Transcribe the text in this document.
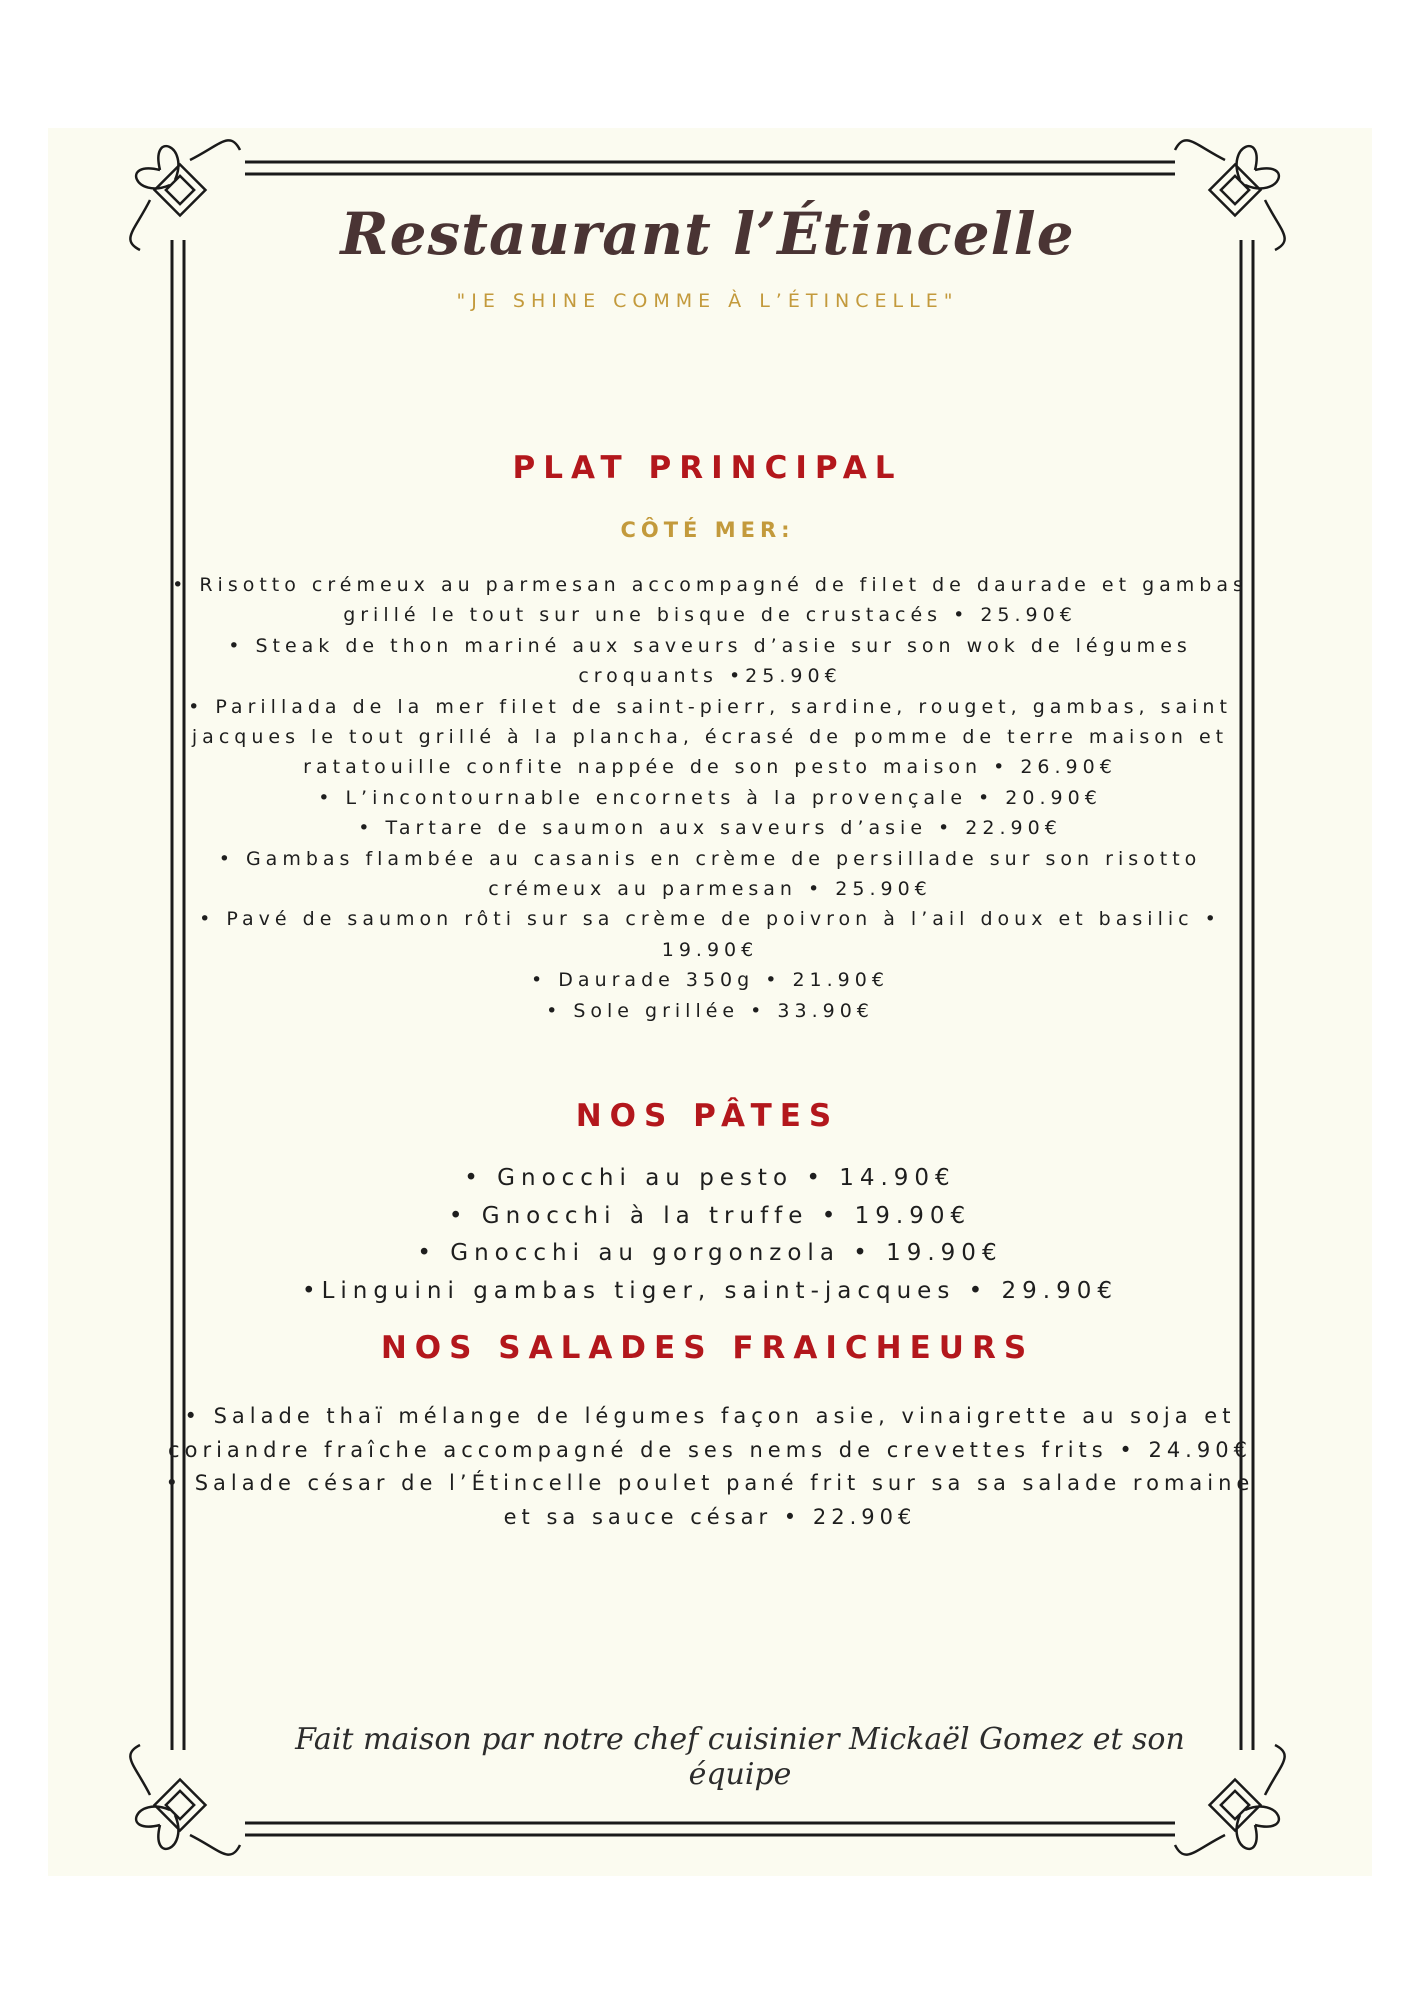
Restaurant l’Étincelle

"JE SHINE COMME À L’ÉTINCELLE"

PLAT PRINCIPAL
CÔTÉ MER:
• Risotto crémeux au parmesan accompagné de filet de daurade et gambas grillé le tout sur une bisque de crustacés • 25.90€
• Steak de thon mariné aux saveurs d’asie sur son wok de légumes croquants •25.90€
• Parillada de la mer filet de saint-pierr, sardine, rouget, gambas, saint jacques le tout grillé à la plancha, écrasé de pomme de terre maison et ratatouille confite nappée de son pesto maison • 26.90€
• L’incontournable encornets à la provençale • 20.90€
• Tartare de saumon aux saveurs d’asie • 22.90€
• Gambas flambée au casanis en crème de persillade sur son risotto crémeux au parmesan • 25.90€
• Pavé de saumon rôti sur sa crème de poivron à l’ail doux et basilic • 19.90€
• Daurade 350g • 21.90€
• Sole grillée • 33.90€
NOS PÂTES
• Gnocchi au pesto • 14.90€
• Gnocchi à la truffe • 19.90€
• Gnocchi au gorgonzola • 19.90€
•Linguini gambas tiger, saint-jacques • 29.90€
NOS SALADES FRAICHEURS
• Salade thaï mélange de légumes façon asie, vinaigrette au soja et coriandre fraîche accompagné de ses nems de crevettes frits • 24.90€
• Salade césar de l’Étincelle poulet pané frit sur sa sa salade romaine et sa sauce césar • 22.90€

Fait maison par notre chef cuisinier Mickaël Gomez et son équipe
